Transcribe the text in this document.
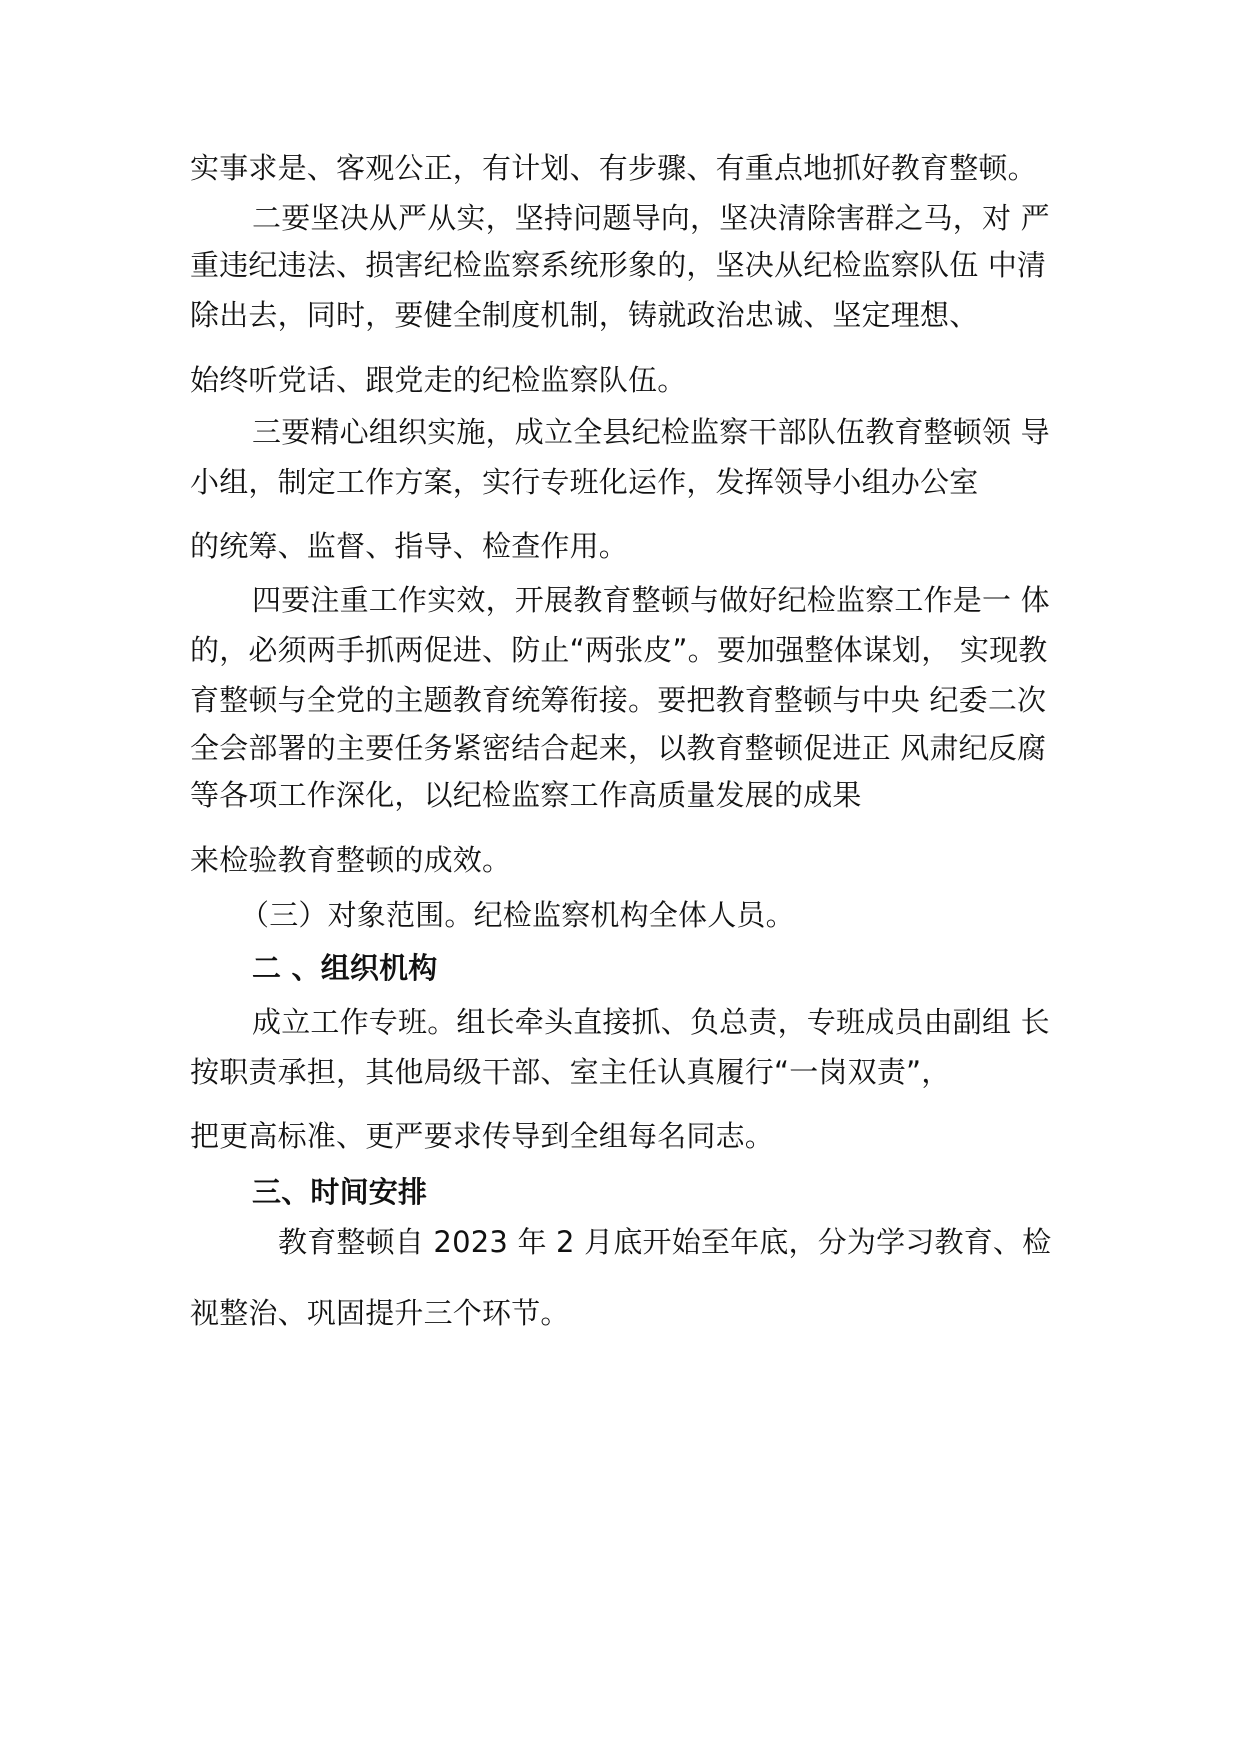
实事求是、客观公正，有计划、有步骤、有重点地抓好教育整顿。
二要坚决从严从实，坚持问题导向，坚决清除害群之马，对 严
重违纪违法、损害纪检监察系统形象的，坚决从纪检监察队伍 中清
除出去，同时，要健全制度机制，铸就政治忠诚、坚定理想、
始终听党话、跟党走的纪检监察队伍。
三要精心组织实施，成立全县纪检监察干部队伍教育整顿领 导
小组，制定工作方案，实行专班化运作，发挥领导小组办公室
的统筹、监督、指导、检查作用。
四要注重工作实效，开展教育整顿与做好纪检监察工作是一 体
的，必须两手抓两促进、防止“两张皮”。要加强整体谋划， 实现教
育整顿与全党的主题教育统筹衔接。要把教育整顿与中央 纪委二次
全会部署的主要任务紧密结合起来，以教育整顿促进正 风肃纪反腐
等各项工作深化，以纪检监察工作高质量发展的成果
来检验教育整顿的成效。
（三）对象范围。纪检监察机构全体人员。
二 、组织机构
成立工作专班。组长牵头直接抓、负总责，专班成员由副组 长
按职责承担，其他局级干部、室主任认真履行“一岗双责”，
把更高标准、更严要求传导到全组每名同志。
三、时间安排
教育整顿自 2023 年 2 月底开始至年底，分为学习教育、检
视整治、巩固提升三个环节。
